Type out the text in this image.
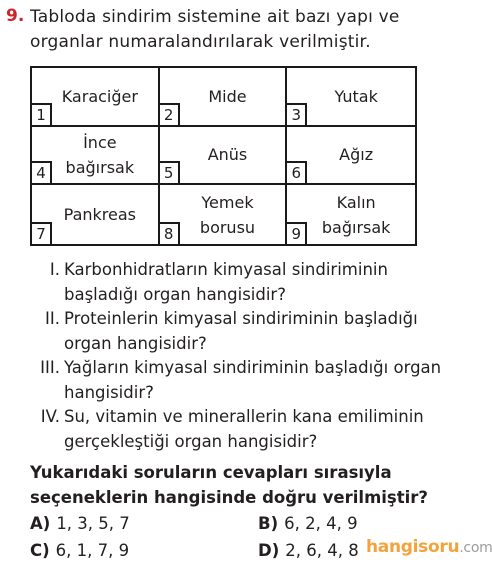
9. Tabloda sindirim sistemine ait bazı yapı ve organlar numaralandırılarak verilmiştir.
Karaciğer
1
Mide
2
Yutak
3
İnce bağırsak
4
Anüs
5
Ağız
6
Pankreas
7
Yemek borusu
8
Kalın bağırsak
9
I. Karbonhidratların kimyasal sindiriminin başladığı organ hangisidir?
II. Proteinlerin kimyasal sindiriminin başladığı organ hangisidir?
III. Yağların kimyasal sindiriminin başladığı organ hangisidir?
IV. Su, vitamin ve minerallerin kana emiliminin gerçekleştiği organ hangisidir?
Yukarıdaki soruların cevapları sırasıyla seçeneklerin hangisinde doğru verilmiştir?
A) 1, 3, 5, 7	B) 6, 2, 4, 9
C) 6, 1, 7, 9	D) 2, 6, 4, 8 hangisoru.com
